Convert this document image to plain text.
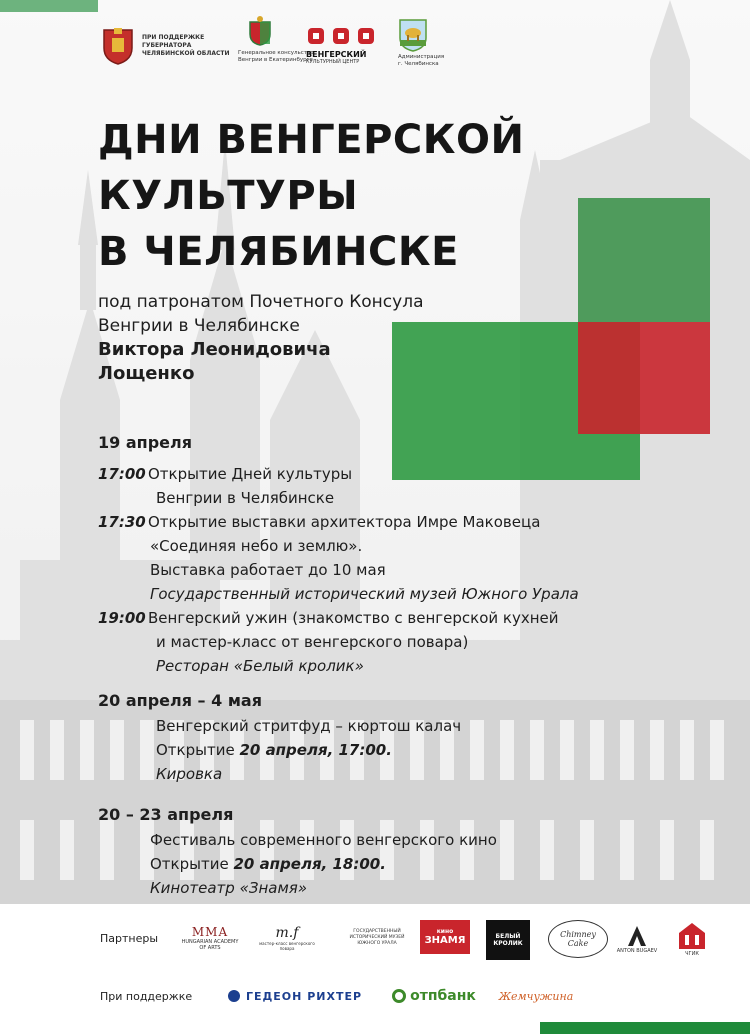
ПРИ ПОДДЕРЖКЕ
ГУБЕРНАТОРА
ЧЕЛЯБИНСКОЙ ОБЛАСТИ Генеральное консульство
Венгрии в Екатеринбурге
ВЕНГЕРСКИЙ
КУЛЬТУРНЫЙ ЦЕНТР
Администрация
г. Челябинска
ДНИ ВЕНГЕРСКОЙ
КУЛЬТУРЫ
В ЧЕЛЯБИНСКЕ
под патронатом Почетного Консула
Венгрии в Челябинске
Виктора Леонидовича
Лощенко
19 апреля
17:00 Открытие Дней культуры
Венгрии в Челябинске
17:30 Открытие выставки архитектора Имре Маковеца
«Соединяя небо и землю».
Выставка работает до 10 мая
Государственный исторический музей Южного Урала
19:00 Венгерский ужин (знакомство с венгерской кухней
и мастер-класс от венгерского повара)
Ресторан «Белый кролик»
20 апреля – 4 мая
Венгерский стритфуд – кюртош калач
Открытие 20 апреля, 17:00.
Кировка
20 – 23 апреля
Фестиваль современного венгерского кино
Открытие 20 апреля, 18:00.
Кинотеатр «Знамя»
Партнеры	MMA
HUNGARIAN ACADEMY OF ARTS
m.f
мастер-класс венгерского повара
ГОСУДАРСТВЕННЫЙ ИСТОРИЧЕСКИЙ МУЗЕЙ ЮЖНОГО УРАЛА
кино
ЗНАМЯ	БЕЛЫЙ КРОЛИК
Chimney Cake
ANTON BUGAEV	ЧГИК
При поддержке	ГЕДЕОН РИХТЕР	отпбанк	Жемчужина
